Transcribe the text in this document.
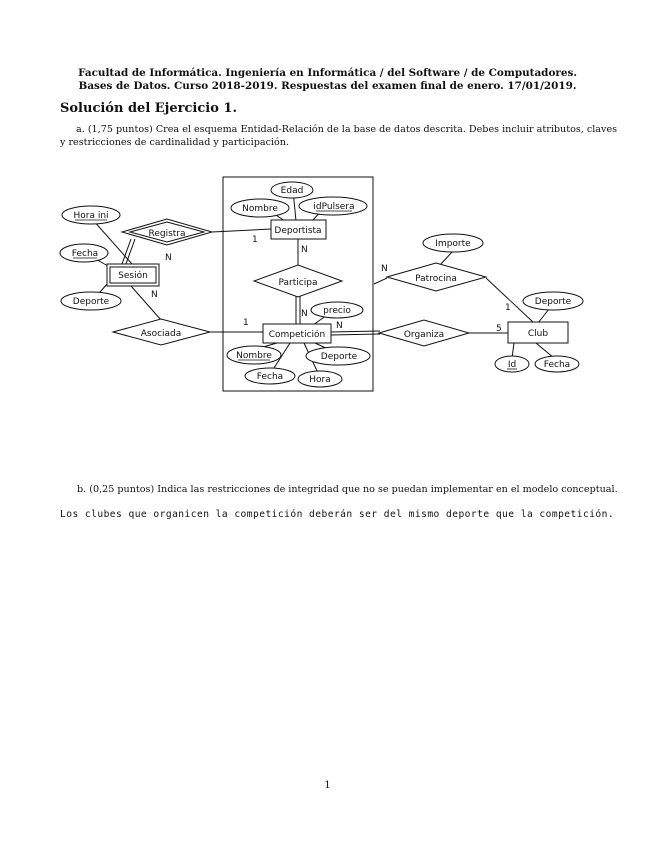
Facultad de Informática. Ingeniería en Informática / del Software / de Computadores.
Bases de Datos. Curso 2018-2019. Respuestas del examen final de enero. 17/01/2019.
Solución del Ejercicio 1.
a. (1,75 puntos) Crea el esquema Entidad-Relación de la base de datos descrita. Debes incluir atributos, claves
y restricciones de cardinalidad y participación.
Deportista
Sesión
Competición	Club
Registra
Participa
Asociada
Patrocina
Organiza
Edad
Nombre	idPulsera
Hora ini
Fecha
Deporte
Importe
Deporte
Id	Fecha
precio
Nombre	Deporte
Fecha	Hora
1
N
N
N
N
1
N
1
N	5
b. (0,25 puntos) Indica las restricciones de integridad que no se puedan implementar en el modelo conceptual.
Los clubes que organicen la competición deberán ser del mismo deporte que la competición.
1
